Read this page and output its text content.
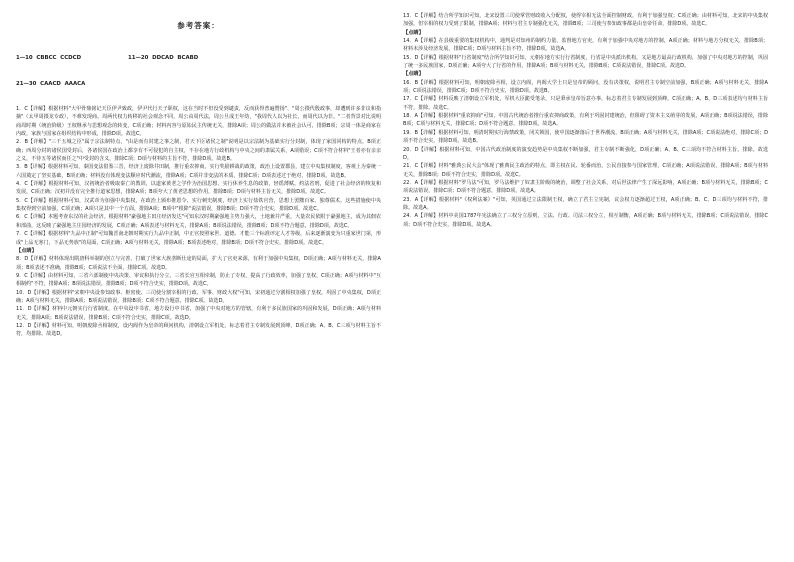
参考答案：

1—10  CBBCC  CCDCD                         11—20  DDCAD  BCABD

21—30  CAACD  AAACA

1．C【详解】根据材料"大甲骨鼎铭记天臣伊尹致政，伊尹代行天子职权，这在当时不但没受到谴责，反而获得普遍赞扬"、"周公摄代殷政事，却遭到许多非议和指摘"（太甲周摄龙专政），不难发现商、周两代权力转移的社会观念不同，周公由周代法，周公旦成王年幼，"我周代人以为社长，而周代以为非。"二者背景对比说明商周时期（统治阶级）王权继承与思想观念的转变，C项正确；材料内容与原始民主传统无关，排除A项；周公的做法并未被社会认可，排除B项；宗周一体是商家在内政，家族与国家在组织结构中形成，排除D项。故选C。

2．B【详解】"三千五城之臣"属于宗法制特点，"由是而有封建之事之制，君天下臣诸侯之制"说明是以宗法制为基础实行分封制，体现了家国同构的特点，B项正确；西周分封的诸侯国受封后，各诸侯国在政治上都享有不可侵犯的自主权，不存在地方行政机构与中央之间的隶属关系，A项错误；C项不符合材料"王者亦有亲亲之义，不待五等诸侯而任之"中受封的含义，排除C项；D项与材料的主旨不符，排除D项。故选B。

3．B【详解】根据材料可知，秦国变法借鉴三晋，经济上废除井田制，推行重农抑商，实行奖励耕战的政策，政治上设置郡县，建立中央集权制度，客观上为秦统一六国奠定了坚实基础，B项正确；材料没有体现变法顺应时代潮流，排除A项；C项并非变法的本质，排除C项；D项表述过于绝对，排除D项。故选B。

4．C【详解】根据材料可知，汉初统治者吸取秦亡的教训，以道家黄老之学作为治国思想，实行休养生息的政策，轻徭薄赋、约法省刑，促进了社会经济的恢复和发展，C项正确；汉初并没有完全推行道家思想，排除A项；B项夸大了黄老思想的作用，排除B项；D项与材料主旨无关，排除D项。故选C。

5．C【详解】根据材料可知，汉武帝为加强中央集权，在政治上颁布推恩令、实行刺史制度，经济上实行盐铁官营，思想上罢黜百家、独尊儒术，这些措施使中央集权得到空前加强，C项正确；A项只是其中一个方面，排除A项；B项中"根除"说法错误，排除B项；D项不符合史实，排除D项。故选C。

6．C【详解】本题考查东汉的社会经济。根据材料"豪强地主田庄经济发达"可知东汉时期豪强地主势力强大，土地兼并严重，大量农民依附于豪强地主，成为其佃农和部曲，这反映了豪强地主庄园经济的发展，C项正确；A项表述与材料无关，排除A项；B项说法错误，排除B项；D项不符合题意，排除D项。故选C。

7．C【详解】根据材料"九品中正制"可知魏晋南北朝时期实行九品中正制，中正官按照家世、道德、才能三个标准评定人才等级，后来逐渐演变为只重家世门第，形成"上品无寒门，下品无势族"的局面，C项正确；A项与材料无关，排除A项；B项表述绝对，排除B项；D项不符合史实，排除D项。故选C。

【点睛】

8．D【详解】材料体现出隋唐科举制的创立与完善，打破了世家大族垄断仕途的局面，扩大了官吏来源，有利于加强中央集权，D项正确；A项与材料无关，排除A项；B项表述不准确，排除B项；C项说法不全面，排除C项。故选D。

9．C【详解】由材料可知，三省六部制使中央决策、审议和执行分立，三省长官互相牵制，防止了专权，提高了行政效率，加强了皇权，C项正确；A项与材料中"互相制约"不符，排除A项；B项说法错误，排除B项；D项不符合史实，排除D项。故选C。

10．D【详解】根据材料"宋朝中央设参知政事、枢密使、三司使分割宰相的行政、军事、财政大权"可知，宋初通过分割相权加强了皇权，巩固了中央集权，D项正确；A项与材料无关，排除A项；B项说法错误，排除B项；C项不符合题意，排除C项。故选D。

11．D【详解】材料中元朝实行行省制度，在中央设中书省，地方设行中书省，加强了中央对地方的管辖，有利于多民族国家的巩固和发展，D项正确；A项与材料无关，排除A项；B项说法错误，排除B项；C项不符合史实，排除C项。故选D。

12．D【详解】材料可知，明朝废除丞相制度，设内阁作为皇帝的顾问机构，清朝设立军机处，标志着君主专制发展到顶峰，D项正确；A、B、C三项与材料主旨不符，均排除。故选D。

13．C【详解】结合所学知识可知，北宋设置三司使掌管财政收入分配权，使得宰相无法全面控制财政，有利于加强皇权；C项正确；由材料可知，北宋的中央集权加强，但宰相的权力受到了限制，排除A项；材料与君主专制强化无关，排除B项；三司使与参知政事都是由皇帝任命，排除D项。故选C。

【点睛】

14．A【详解】在县级重要的集权机构中，通判是对知州的制约力量，监督地方官吏，有利于加强中央对地方的控制，A项正确；材料与地方分权无关，排除B项；材料未涉及经济发展，排除C项；D项与材料主旨不符，排除D项。故选A。

15．D【详解】根据材料"行省制度"结合所学知识可知，元朝在地方实行行省制度，行省是中央派出机构，又是地方最高行政机构，加强了中央对地方的控制，巩固了统一多民族国家，D项正确；A项夸大了行省的作用，排除A项；B项与材料无关，排除B项；C项说法错误，排除C项。故选D。

【点睛】

16．B【详解】根据材料可知，明朝废除丞相，设立内阁，内阁大学士只是皇帝的顾问，没有决策权，说明君主专制空前加强，B项正确；A项与材料无关，排除A项；C项说法错误，排除C项；D项不符合史实，排除D项。故选B。

17．C【详解】材料反映了清朝设立军机处，军机大臣跪受笔录，只是秉承皇帝旨意办事，标志着君主专制发展到顶峰，C项正确；A、B、D三项表述均与材料主旨不符，排除。故选C。

18．A【详解】根据材料"重农抑商"可知，中国古代统治者推行重农抑商政策，有利于巩固封建统治，但阻碍了资本主义萌芽的发展，A项正确；B项说法错误，排除B项；C项与材料无关，排除C项；D项不符合题意，排除D项。故选A。

19．B【详解】根据材料可知，明清时期实行海禁政策，闭关锁国，使中国逐渐落后于世界潮流，B项正确；A项与材料无关，排除A项；C项说法绝对，排除C项；D项不符合史实，排除D项。故选B。

20．D【详解】根据材料可知，中国古代政治制度的演变趋势是中央集权不断加强，君主专制不断强化，D项正确；A、B、C三项均不符合材料主旨，排除。故选D。

21．C【详解】材料"雅典公民大会"体现了雅典民主政治的特点，即主权在民、轮番而治，公民直接参与国家管理，C项正确；A项说法错误，排除A项；B项与材料无关，排除B项；D项不符合史实，排除D项。故选C。

22．A【详解】根据材料"罗马法"可知，罗马法维护了奴隶主阶级的统治，调整了社会关系，对后世法律产生了深远影响，A项正确；B项与材料无关，排除B项；C项说法错误，排除C项；D项不符合题意，排除D项。故选A。

23．A【详解】根据材料"《权利法案》"可知，英国通过立法限制王权，确立了君主立宪制，议会权力逐渐超过王权，A项正确；B、C、D三项均与材料不符，排除。故选A。

24．A【详解】材料中美国1787年宪法确立了三权分立原则，立法、行政、司法三权分立，相互制衡，A项正确；B项与材料无关，排除B项；C项说法错误，排除C项；D项不符合史实，排除D项。故选A。
